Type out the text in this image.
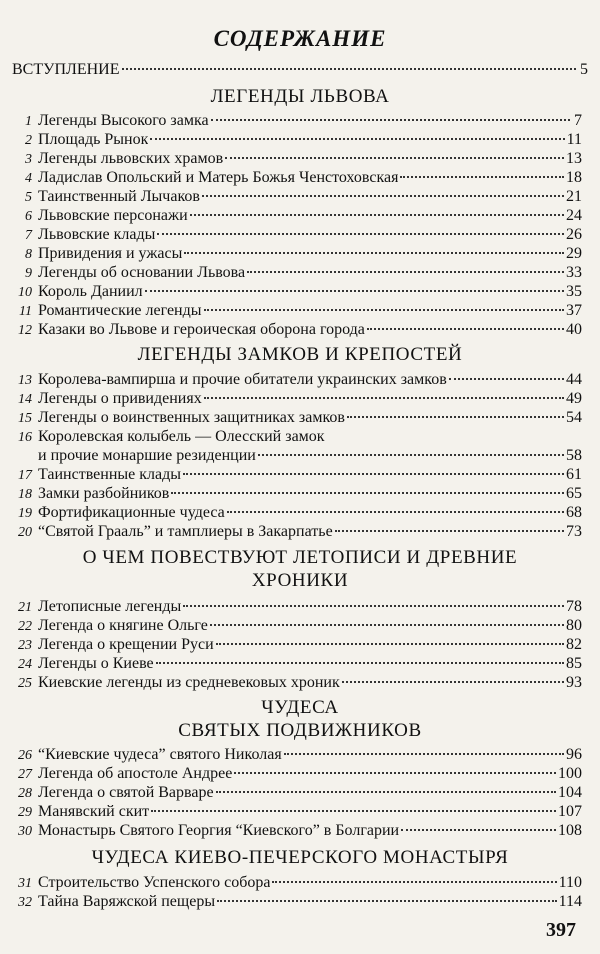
СОДЕРЖАНИЕ
ВСТУПЛЕНИЕ	5
ЛЕГЕНДЫ ЛЬВОВА
1 Легенды Высокого замка	7
2 Площадь Рынок	11
3 Легенды львовских храмов	13
4 Ладислав Опольский и Матерь Божья Ченстоховская	18
5 Таинственный Лычаков	21
6 Львовские персонажи	24
7 Львовские клады	26
8 Привидения и ужасы	29
9 Легенды об основании Львова	33
10 Король Даниил	35
11 Романтические легенды	37
12 Казаки во Львове и героическая оборона города	40
ЛЕГЕНДЫ ЗАМКОВ И КРЕПОСТЕЙ
13 Королева-вампирша и прочие обитатели украинских замков	44
14 Легенды о привидениях	49
15 Легенды о воинственных защитниках замков	54
16 Королевская колыбель — Олесский замок
и прочие монаршие резиденции	58
17 Таинственные клады	61
18 Замки разбойников	65
19 Фортификационные чудеса	68
20 “Святой Грааль” и тамплиеры в Закарпатье	73
О ЧЕМ ПОВЕСТВУЮТ ЛЕТОПИСИ И ДРЕВНИЕ
ХРОНИКИ
21 Летописные легенды	78
22 Легенда о княгине Ольге	80
23 Легенда о крещении Руси	82
24 Легенды о Киеве	85
25 Киевские легенды из средневековых хроник	93
ЧУДЕСА
СВЯТЫХ ПОДВИЖНИКОВ
26 “Киевские чудеса” святого Николая	96
27 Легенда об апостоле Андрее	100
28 Легенда о святой Варваре	104
29 Манявский скит	107
30 Монастырь Святого Георгия “Киевского” в Болгарии	108
ЧУДЕСА КИЕВО-ПЕЧЕРСКОГО МОНАСТЫРЯ
31 Строительство Успенского собора	110
32 Тайна Варяжской пещеры	114
397
